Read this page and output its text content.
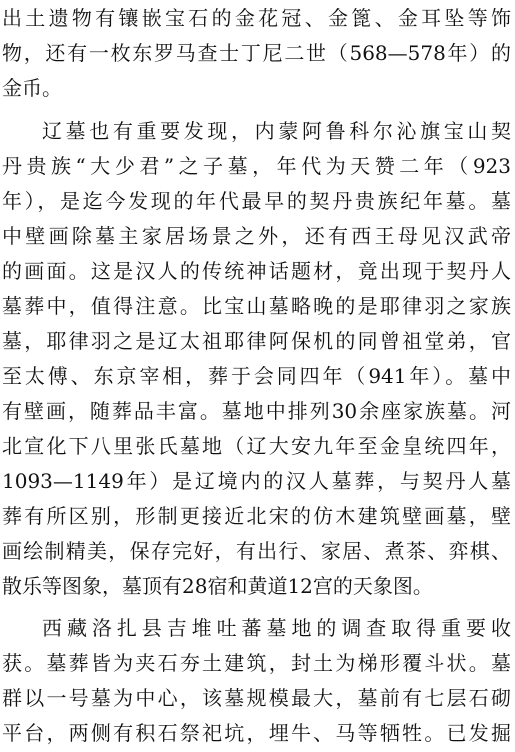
出土遗物有镶嵌宝石的金花冠、金篦、金耳坠等饰
物，还有一枚东罗马查士丁尼二世（568—578年）的
金币。
辽墓也有重要发现，内蒙阿鲁科尔沁旗宝山契
丹贵族“大少君”之子墓，年代为天赞二年（923
年），是迄今发现的年代最早的契丹贵族纪年墓。墓
中壁画除墓主家居场景之外，还有西王母见汉武帝
的画面。这是汉人的传统神话题材，竟出现于契丹人
墓葬中，值得注意。比宝山墓略晚的是耶律羽之家族
墓，耶律羽之是辽太祖耶律阿保机的同曾祖堂弟，官
至太傅、东京宰相，葬于会同四年（941年）。墓中
有壁画，随葬品丰富。墓地中排列30余座家族墓。河
北宣化下八里张氏墓地（辽大安九年至金皇统四年，
1093—1149年）是辽境内的汉人墓葬，与契丹人墓
葬有所区别，形制更接近北宋的仿木建筑壁画墓，壁
画绘制精美，保存完好，有出行、家居、煮茶、弈棋、
散乐等图象，墓顶有28宿和黄道12宫的天象图。
西藏洛扎县吉堆吐蕃墓地的调查取得重要收
获。墓葬皆为夹石夯土建筑，封土为梯形覆斗状。墓
群以一号墓为中心，该墓规模最大，墓前有七层石砌
平台，两侧有积石祭祀坑，埋牛、马等牺牲。已发掘
